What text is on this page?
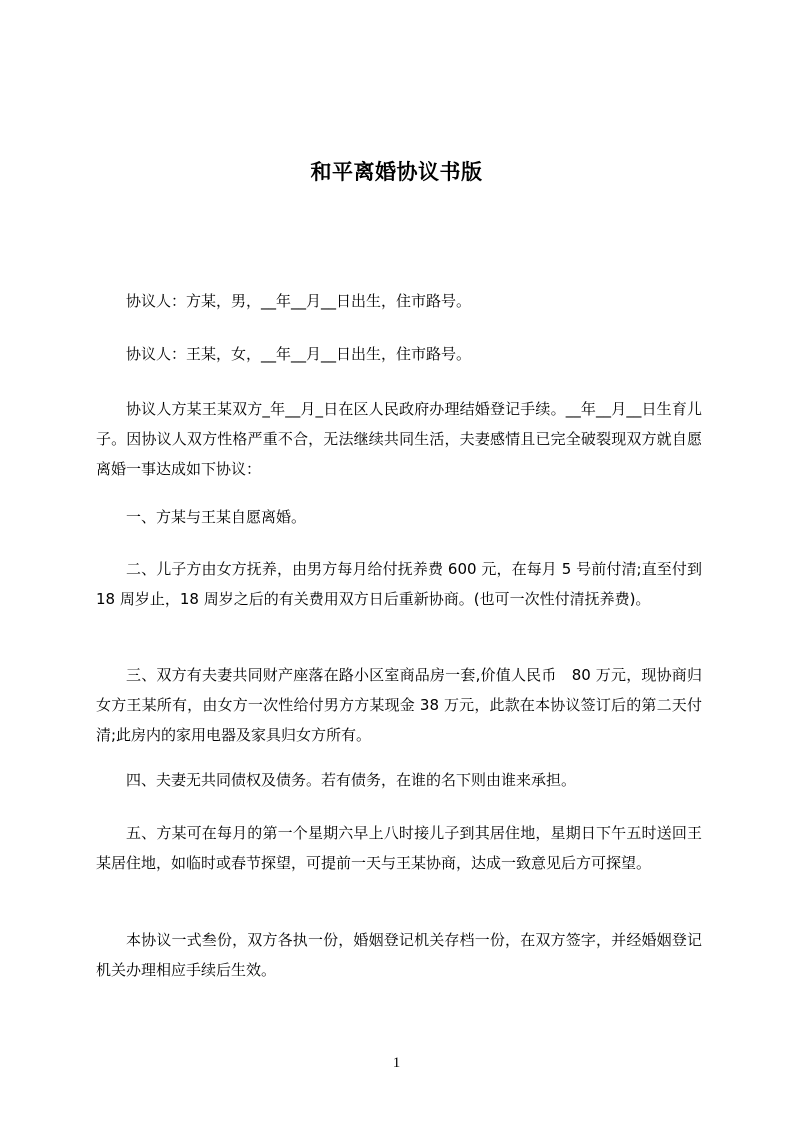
和平离婚协议书版

协议人：方某，男，__年__月__日出生，住市路号。

协议人：王某，女，__年__月__日出生，住市路号。

协议人方某王某双方_年__月_日在区人民政府办理结婚登记手续。__年__月__日生育儿子。因协议人双方性格严重不合，无法继续共同生活，夫妻感情且已完全破裂现双方就自愿离婚一事达成如下协议：

一、方某与王某自愿离婚。

二、儿子方由女方抚养，由男方每月给付抚养费 600 元，在每月 5 号前付清;直至付到 18 周岁止，18 周岁之后的有关费用双方日后重新协商。(也可一次性付清抚养费)。

三、双方有夫妻共同财产座落在路小区室商品房一套,价值人民币　80 万元，现协商归女方王某所有，由女方一次性给付男方方某现金 38 万元，此款在本协议签订后的第二天付清;此房内的家用电器及家具归女方所有。

四、夫妻无共同债权及债务。若有债务，在谁的名下则由谁来承担。

五、方某可在每月的第一个星期六早上八时接儿子到其居住地，星期日下午五时送回王某居住地，如临时或春节探望，可提前一天与王某协商，达成一致意见后方可探望。

本协议一式叁份，双方各执一份，婚姻登记机关存档一份，在双方签字，并经婚姻登记机关办理相应手续后生效。

1
